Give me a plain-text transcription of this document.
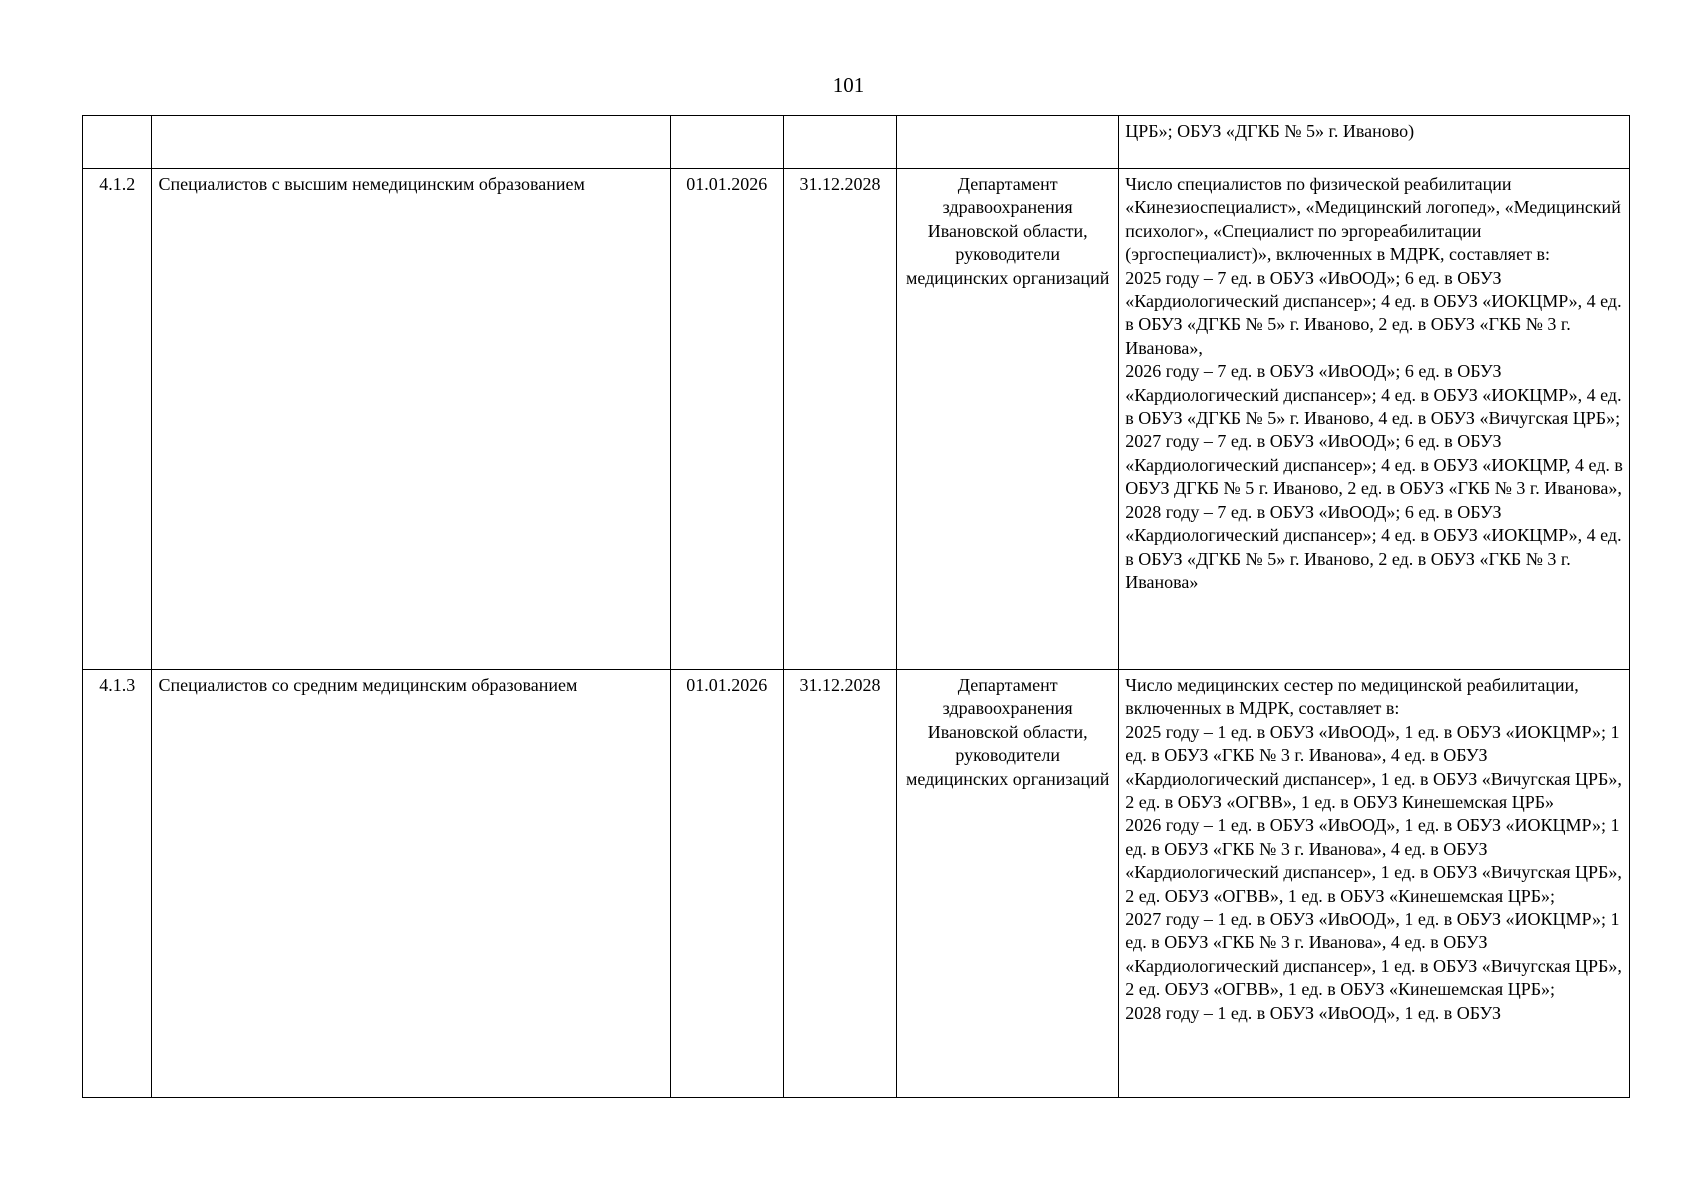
101

					ЦРБ»; ОБУЗ «ДГКБ № 5» г. Иваново)

4.1.2	Специалистов с высшим немедицинским образованием	01.01.2026	31.12.2028	Департамент здравоохранения Ивановской области, руководители медицинских организаций	Число специалистов по физической реабилитации «Кинезиоспециалист», «Медицинский логопед», «Медицинский психолог», «Специалист по эргореабилитации (эргоспециалист)», включенных в МДРК, составляет в:
2025 году – 7 ед. в ОБУЗ «ИвООД»; 6 ед. в ОБУЗ «Кардиологический диспансер»; 4 ед. в ОБУЗ «ИОКЦМР», 4 ед. в ОБУЗ «ДГКБ № 5» г. Иваново, 2 ед. в ОБУЗ «ГКБ № 3 г. Иванова»,
2026 году – 7 ед. в ОБУЗ «ИвООД»; 6 ед. в ОБУЗ «Кардиологический диспансер»; 4 ед. в ОБУЗ «ИОКЦМР», 4 ед. в ОБУЗ «ДГКБ № 5» г. Иваново, 4 ед. в ОБУЗ «Вичугская ЦРБ»;
2027 году – 7 ед. в ОБУЗ «ИвООД»; 6 ед. в ОБУЗ «Кардиологический диспансер»; 4 ед. в ОБУЗ «ИОКЦМР, 4 ед. в ОБУЗ ДГКБ № 5 г. Иваново, 2 ед. в ОБУЗ «ГКБ № 3 г. Иванова»,
2028 году – 7 ед. в ОБУЗ «ИвООД»; 6 ед. в ОБУЗ «Кардиологический диспансер»; 4 ед. в ОБУЗ «ИОКЦМР», 4 ед. в ОБУЗ «ДГКБ № 5» г. Иваново, 2 ед. в ОБУЗ «ГКБ № 3 г. Иванова»

4.1.3	Специалистов со средним медицинским образованием	01.01.2026	31.12.2028	Департамент здравоохранения Ивановской области, руководители медицинских организаций	Число медицинских сестер по медицинской реабилитации, включенных в МДРК, составляет в:
2025 году – 1 ед. в ОБУЗ «ИвООД», 1 ед. в ОБУЗ «ИОКЦМР»; 1 ед. в ОБУЗ «ГКБ № 3 г. Иванова», 4 ед. в ОБУЗ «Кардиологический диспансер», 1 ед. в ОБУЗ «Вичугская ЦРБ», 2 ед. в ОБУЗ «ОГВВ», 1 ед. в ОБУЗ Кинешемская ЦРБ»
2026 году – 1 ед. в ОБУЗ «ИвООД», 1 ед. в ОБУЗ «ИОКЦМР»; 1 ед. в ОБУЗ «ГКБ № 3 г. Иванова», 4 ед. в ОБУЗ «Кардиологический диспансер», 1 ед. в ОБУЗ «Вичугская ЦРБ», 2 ед. ОБУЗ «ОГВВ», 1 ед. в ОБУЗ «Кинешемская ЦРБ»;
2027 году – 1 ед. в ОБУЗ «ИвООД», 1 ед. в ОБУЗ «ИОКЦМР»; 1 ед. в ОБУЗ «ГКБ № 3 г. Иванова», 4 ед. в ОБУЗ «Кардиологический диспансер», 1 ед. в ОБУЗ «Вичугская ЦРБ», 2 ед. ОБУЗ «ОГВВ», 1 ед. в ОБУЗ «Кинешемская ЦРБ»;
2028 году – 1 ед. в ОБУЗ «ИвООД», 1 ед. в ОБУЗ
